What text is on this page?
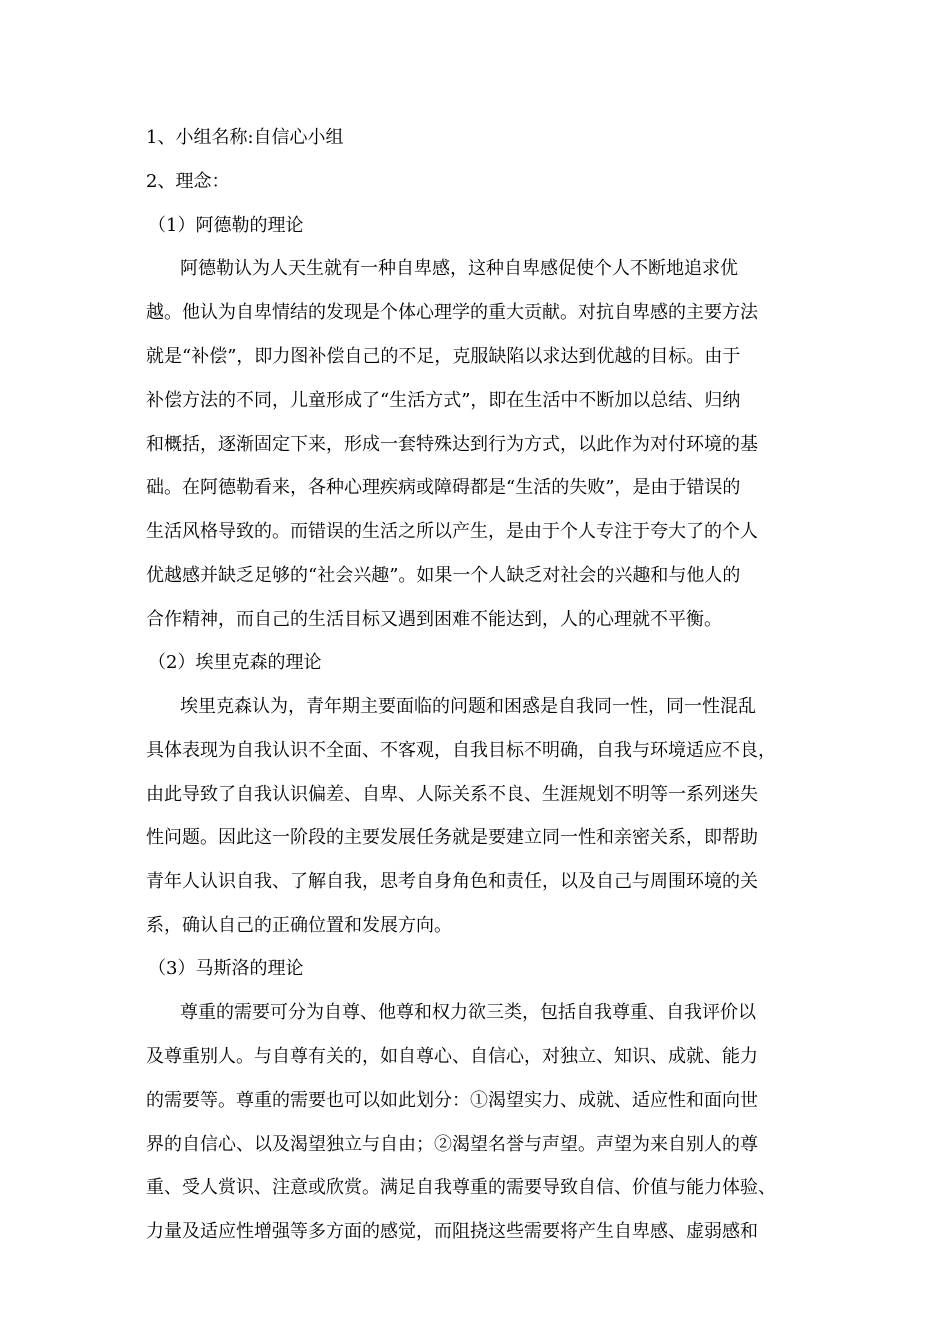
1、小组名称:自信心小组
2、理念：
（1）阿德勒的理论
阿德勒认为人天生就有一种自卑感，这种自卑感促使个人不断地追求优
越。他认为自卑情结的发现是个体心理学的重大贡献。对抗自卑感的主要方法
就是“补偿”，即力图补偿自己的不足，克服缺陷以求达到优越的目标。由于
补偿方法的不同，儿童形成了“生活方式”，即在生活中不断加以总结、归纳
和概括，逐渐固定下来，形成一套特殊达到行为方式，以此作为对付环境的基
础。在阿德勒看来，各种心理疾病或障碍都是“生活的失败”，是由于错误的
生活风格导致的。而错误的生活之所以产生，是由于个人专注于夸大了的个人
优越感并缺乏足够的“社会兴趣”。如果一个人缺乏对社会的兴趣和与他人的
合作精神，而自己的生活目标又遇到困难不能达到，人的心理就不平衡。
（2）埃里克森的理论
埃里克森认为，青年期主要面临的问题和困惑是自我同一性，同一性混乱
具体表现为自我认识不全面、不客观，自我目标不明确，自我与环境适应不良，
由此导致了自我认识偏差、自卑、人际关系不良、生涯规划不明等一系列迷失
性问题。因此这一阶段的主要发展任务就是要建立同一性和亲密关系，即帮助
青年人认识自我、了解自我，思考自身角色和责任，以及自己与周围环境的关
系，确认自己的正确位置和发展方向。
（3）马斯洛的理论
尊重的需要可分为自尊、他尊和权力欲三类，包括自我尊重、自我评价以
及尊重别人。与自尊有关的，如自尊心、自信心，对独立、知识、成就、能力
的需要等。尊重的需要也可以如此划分：①渴望实力、成就、适应性和面向世
界的自信心、以及渴望独立与自由；②渴望名誉与声望。声望为来自别人的尊
重、受人赏识、注意或欣赏。满足自我尊重的需要导致自信、价值与能力体验、
力量及适应性增强等多方面的感觉，而阻挠这些需要将产生自卑感、虚弱感和
